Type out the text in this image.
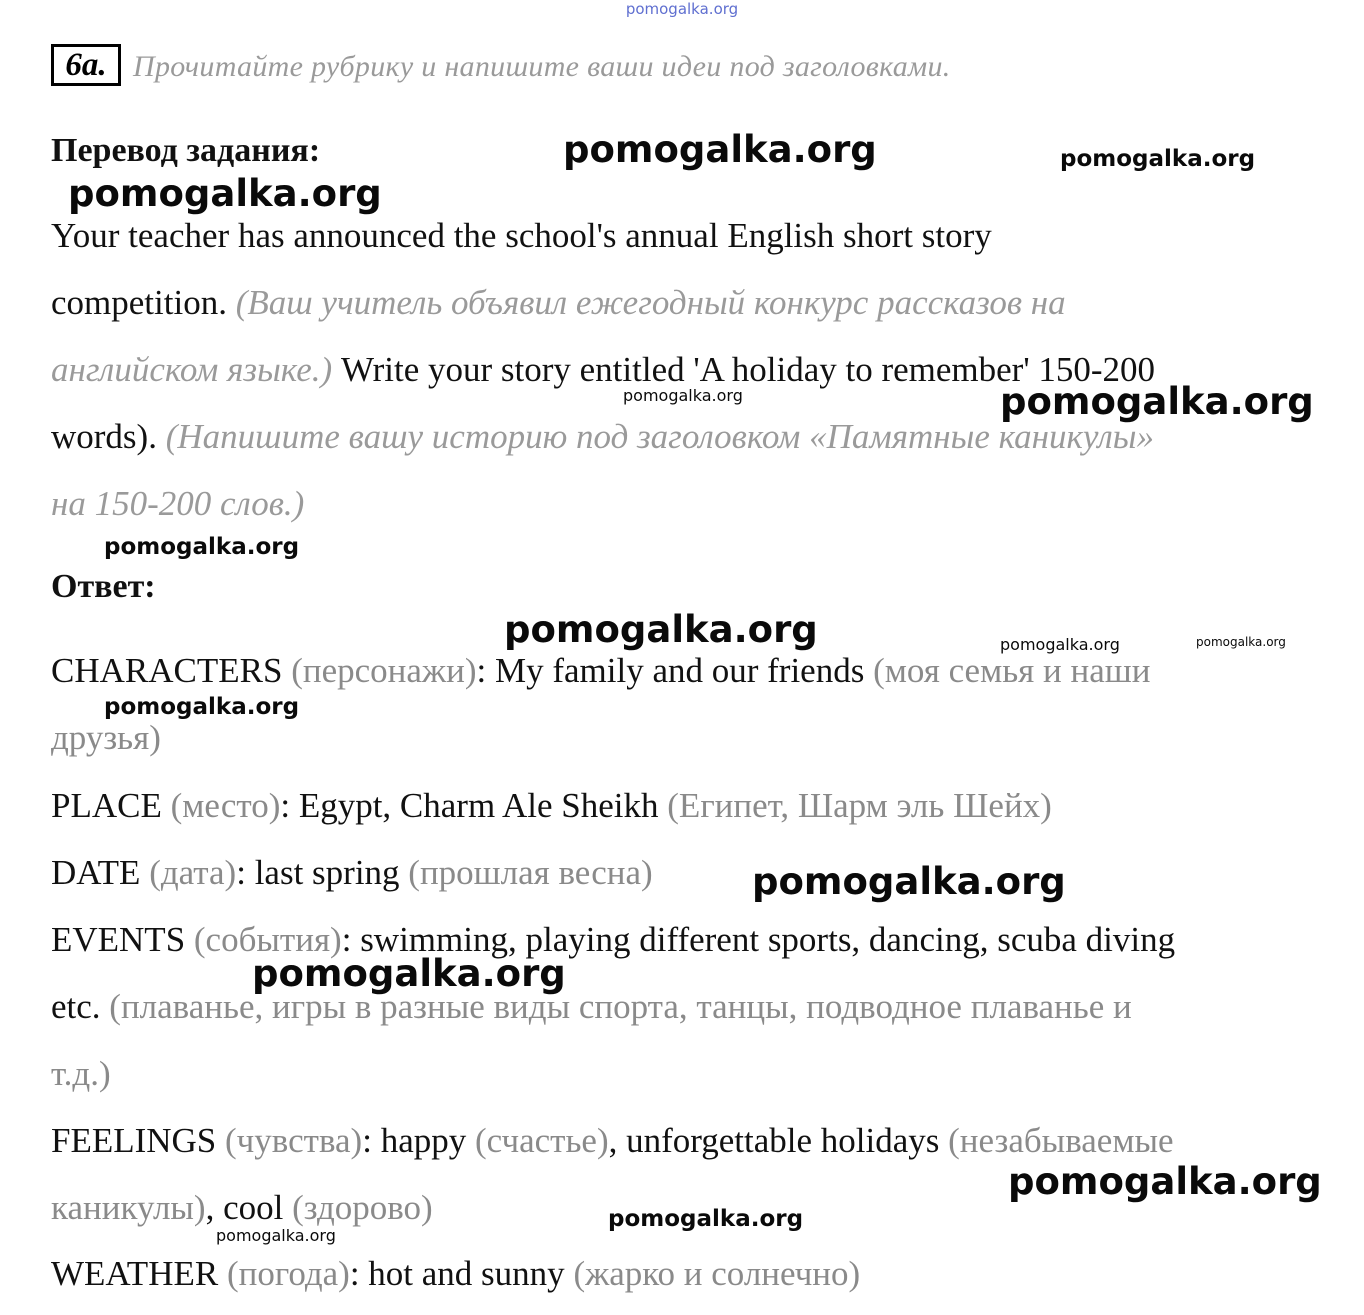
pomogalka.org
6a. Прочитайте рубрику и напишите ваши идеи под заголовками.
Перевод задания:
Your teacher has announced the school's annual English short story
competition. (Ваш учитель объявил ежегодный конкурс рассказов на
английском языке.) Write your story entitled 'A holiday to remember' 150-200
words). (Напишите вашу историю под заголовком «Памятные каникулы»
на 150-200 слов.)
Ответ:
CHARACTERS (персонажи): My family and our friends (моя семья и наши
друзья)
PLACE (место): Egypt, Charm Ale Sheikh (Египет, Шарм эль Шейх)
DATE (дата): last spring (прошлая весна)
EVENTS (события): swimming, playing different sports, dancing, scuba diving
etc. (плаванье, игры в разные виды спорта, танцы, подводное плаванье и
т.д.)
FEELINGS (чувства): happy (счастье), unforgettable holidays (незабываемые
каникулы), cool (здорово)
WEATHER (погода): hot and sunny (жарко и солнечно)
pomogalka.org	pomogalka.org
pomogalka.org
pomogalka.org	pomogalka.org
pomogalka.org
pomogalka.org	pomogalka.org	pomogalka.org
pomogalka.org
pomogalka.org
pomogalka.org
pomogalka.org
pomogalka.org
pomogalka.org
